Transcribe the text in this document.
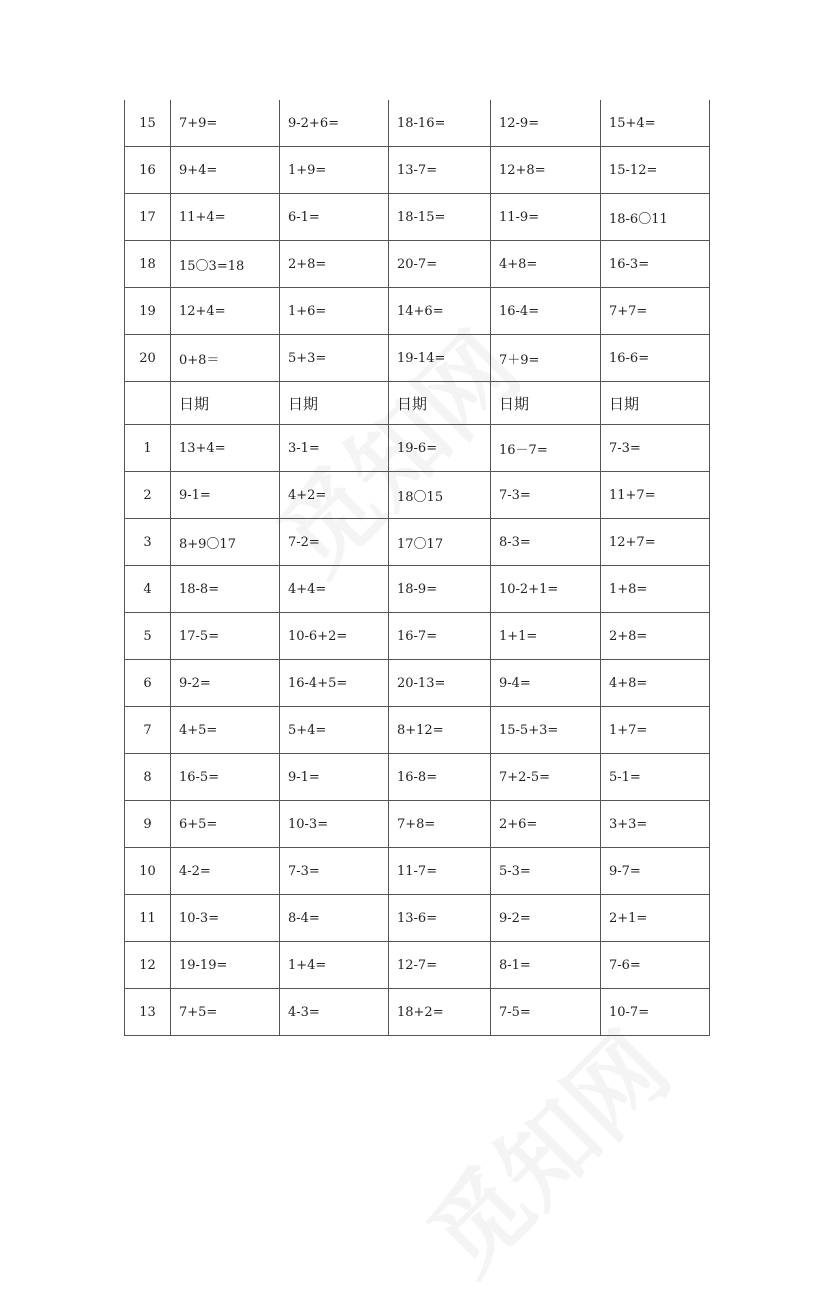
15	7+9=	9-2+6=	18-16=	12-9=	15+4=
16	9+4=	1+9=	13-7=	12+8=	15-12=
17	11+4=	6-1=	18-15=	11-9=	18-6〇11
18	15〇3=18	2+8=	20-7=	4+8=	16-3=
19	12+4=	1+6=	14+6=	16-4=	7+7=
20	0+8＝	5+3=	19-14=	7＋9=	16-6=
	日期	日期	日期	日期	日期
1	13+4=	3-1=	19-6=	16－7=	7-3=
2	9-1=	4+2=	18〇15	7-3=	11+7=
3	8+9〇17	7-2=	17〇17	8-3=	12+7=
4	18-8=	4+4=	18-9=	10-2+1=	1+8=
5	17-5=	10-6+2=	16-7=	1+1=	2+8=
6	9-2=	16-4+5=	20-13=	9-4=	4+8=
7	4+5=	5+4=	8+12=	15-5+3=	1+7=
8	16-5=	9-1=	16-8=	7+2-5=	5-1=
9	6+5=	10-3=	7+8=	2+6=	3+3=
10	4-2=	7-3=	11-7=	5-3=	9-7=
11	10-3=	8-4=	13-6=	9-2=	2+1=
12	19-19=	1+4=	12-7=	8-1=	7-6=
13	7+5=	4-3=	18+2=	7-5=	10-7=
